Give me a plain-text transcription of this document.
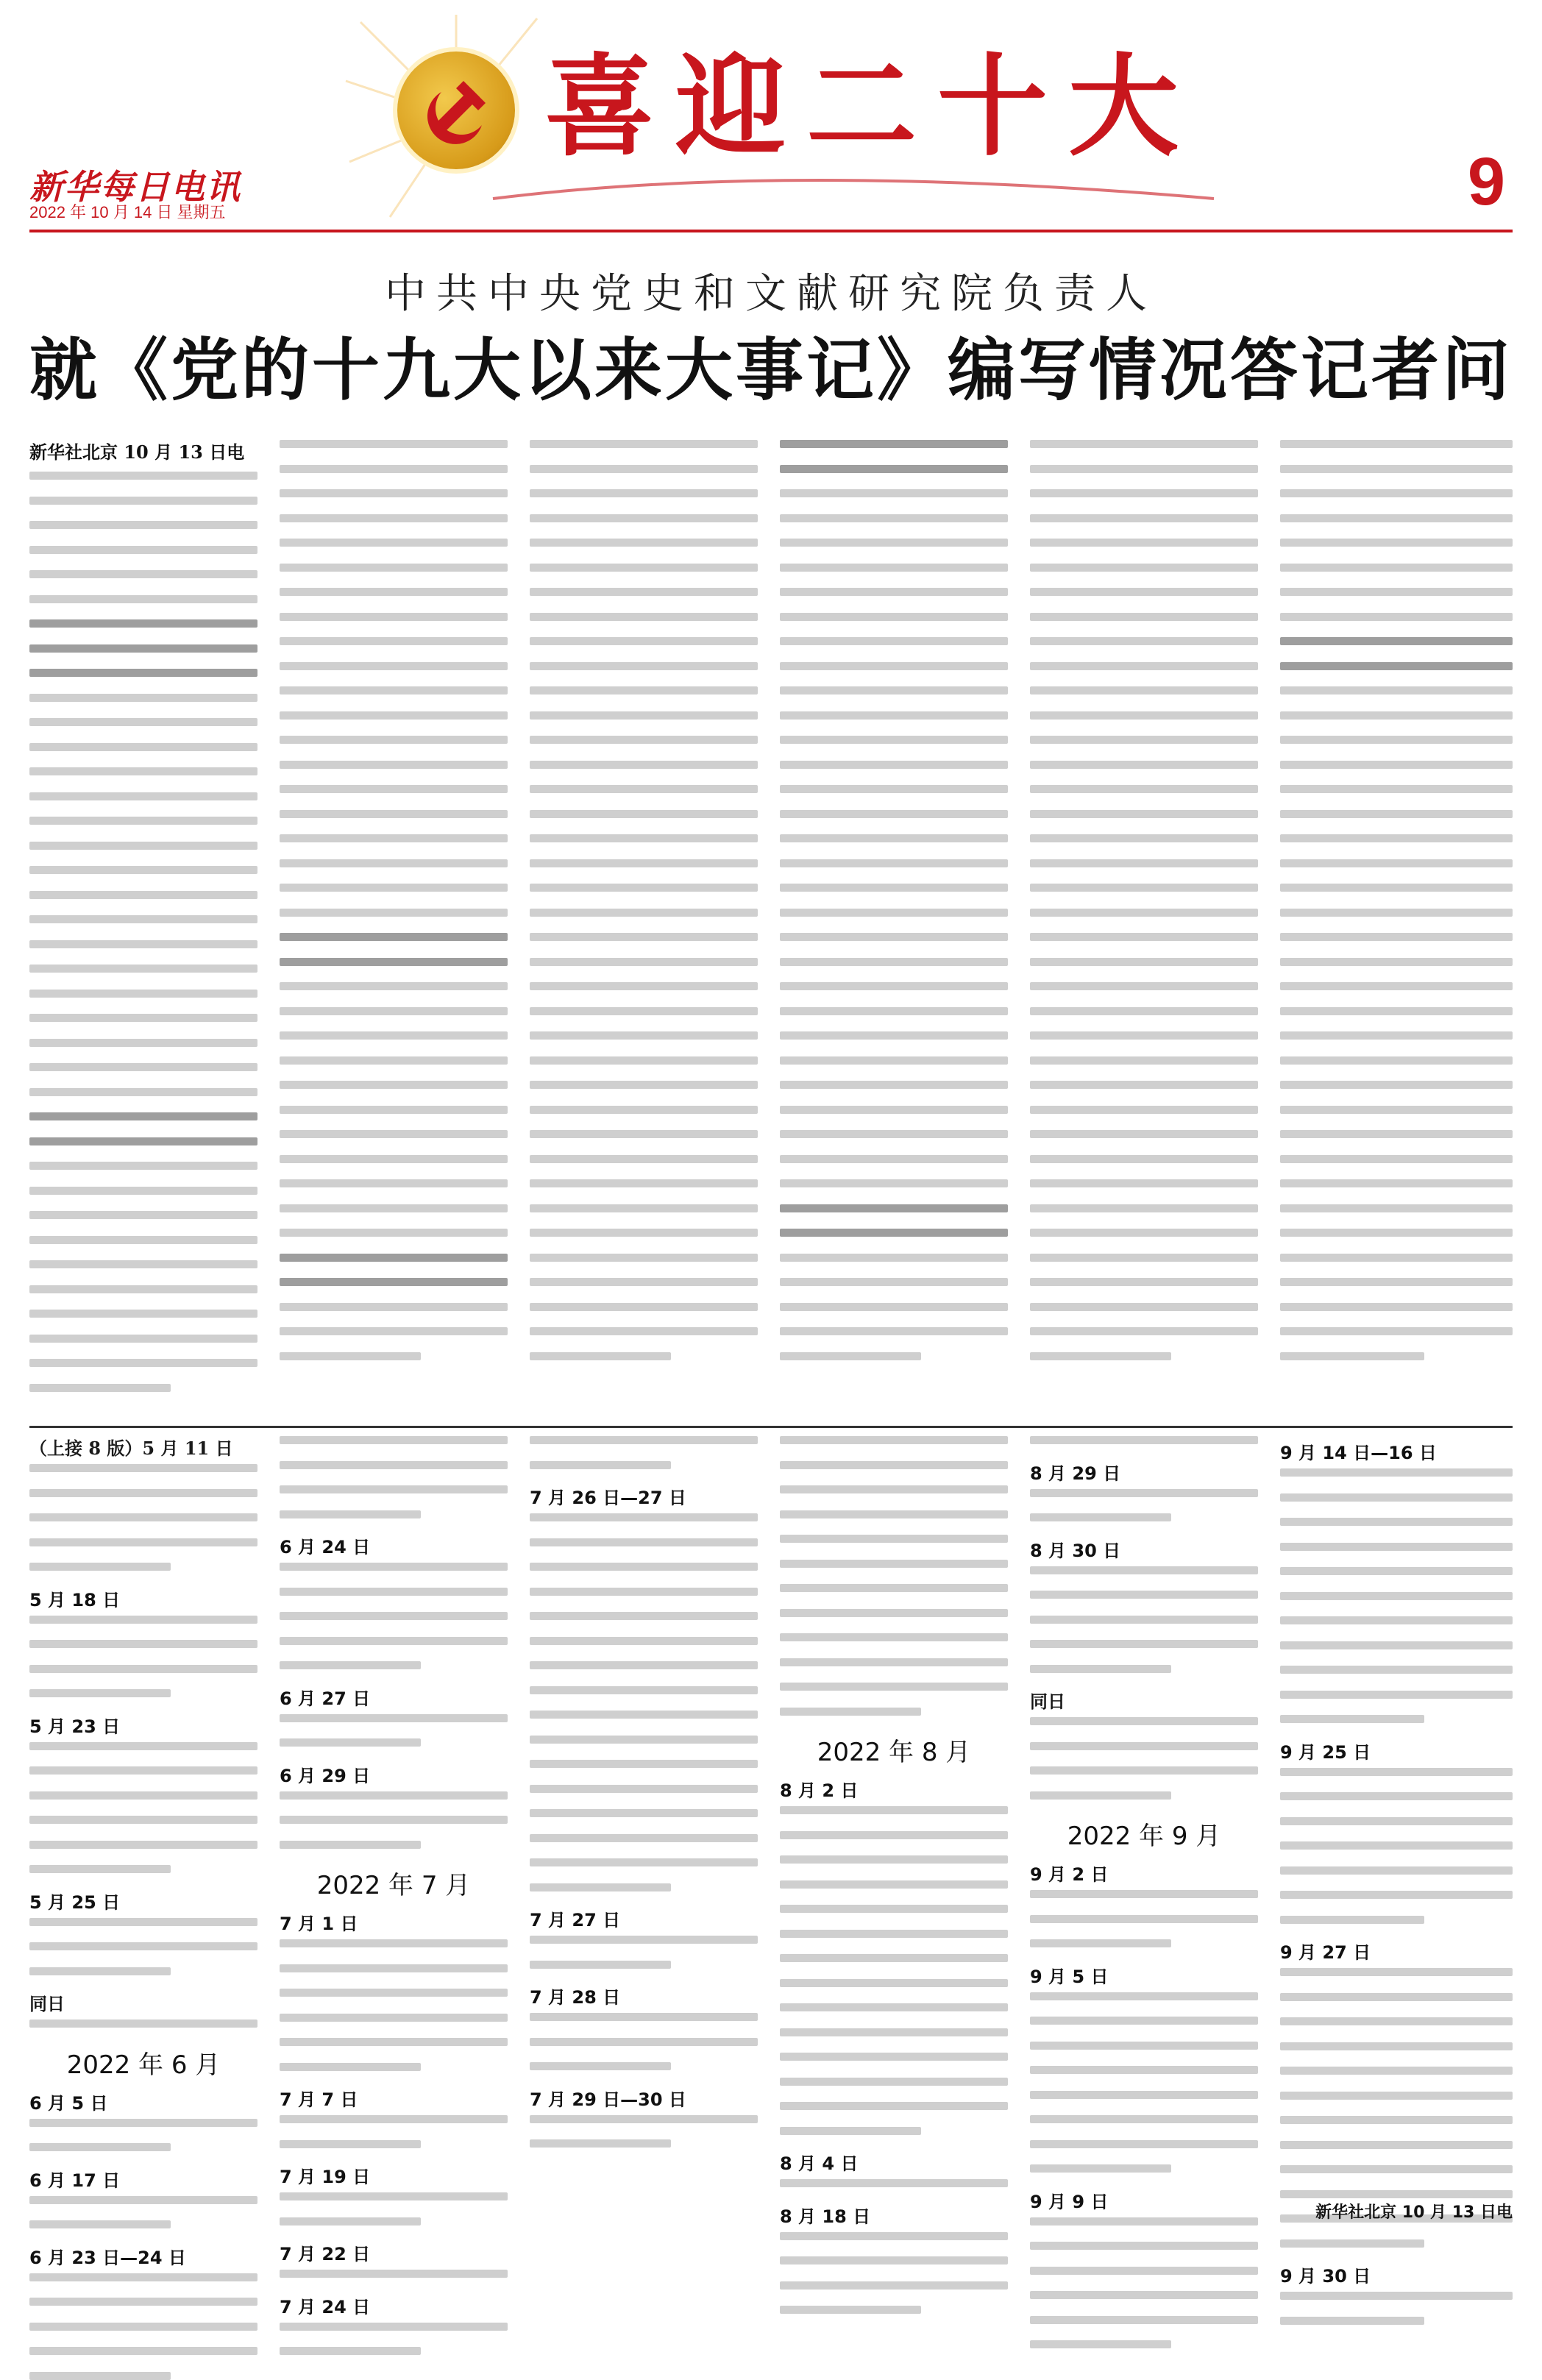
喜迎二十大
新华每日电讯
2022 年 10 月 14 日 星期五	9
中共中央党史和文献研究院负责人
就《党的十九大以来大事记》编写情况答记者问

新华社北京 10 月 13 日电

（上接 8 版）5 月 11 日

5 月 18 日
5 月 23 日
5 月 25 日
同日
2022 年 6 月
6 月 5 日
6 月 17 日
6 月 23 日—24 日
6 月 24 日
6 月 27 日
6 月 29 日
2022 年 7 月
7 月 1 日
7 月 7 日
7 月 19 日
7 月 22 日
7 月 24 日
7 月 26 日—27 日
7 月 27 日
7 月 28 日
7 月 29 日—30 日
2022 年 8 月
8 月 2 日
8 月 4 日
8 月 18 日
8 月 29 日
8 月 30 日
同日
2022 年 9 月
9 月 2 日
9 月 5 日
9 月 9 日
9 月 14 日—16 日
9 月 25 日
9 月 27 日
9 月 30 日
新华社北京 10 月 13 日电
